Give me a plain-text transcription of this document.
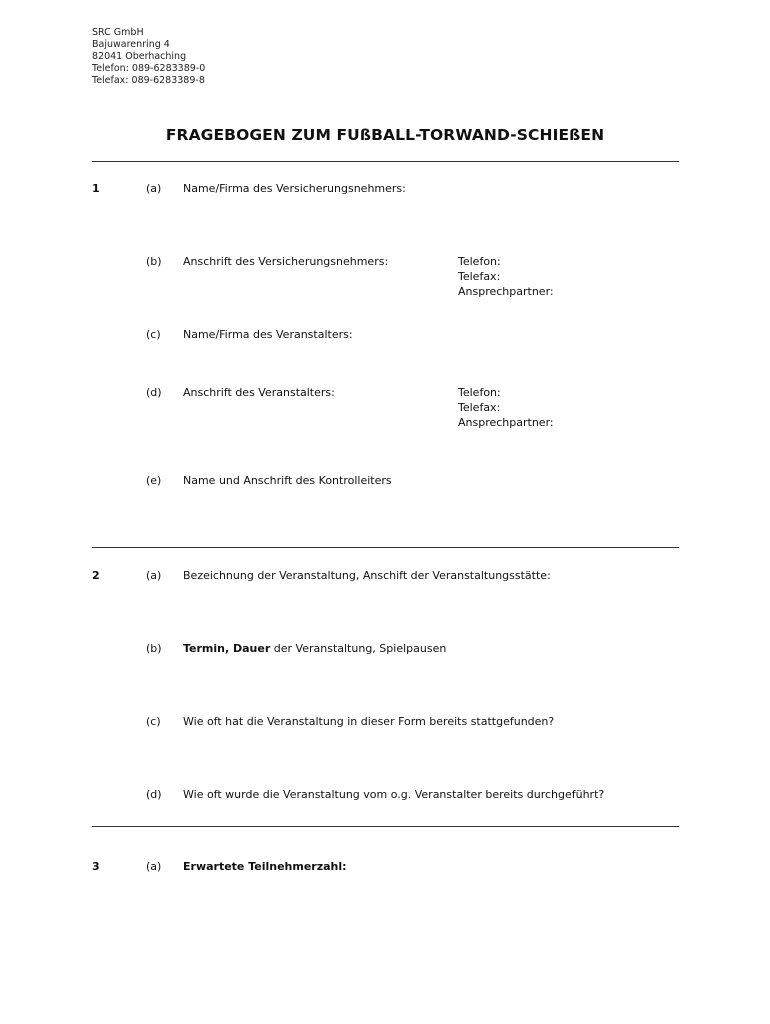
SRC GmbH
Bajuwarenring 4
82041 Oberhaching
Telefon: 089-6283389-0
Telefax: 089-6283389-8
FRAGEBOGEN ZUM FUßBALL-TORWAND-SCHIEßEN
1	(a) Name/Firma des Versicherungsnehmers:
(b) Anschrift des Versicherungsnehmers:	Telefon:
Telefax:
Ansprechpartner:
(c) Name/Firma des Veranstalters:
(d) Anschrift des Veranstalters:	Telefon:
Telefax:
Ansprechpartner:
(e) Name und Anschrift des Kontrolleiters
2	(a) Bezeichnung der Veranstaltung, Anschift der Veranstaltungsstätte:
(b) Termin, Dauer der Veranstaltung, Spielpausen
(c) Wie oft hat die Veranstaltung in dieser Form bereits stattgefunden?
(d) Wie oft wurde die Veranstaltung vom o.g. Veranstalter bereits durchgeführt?
3	(a) Erwartete Teilnehmerzahl:
